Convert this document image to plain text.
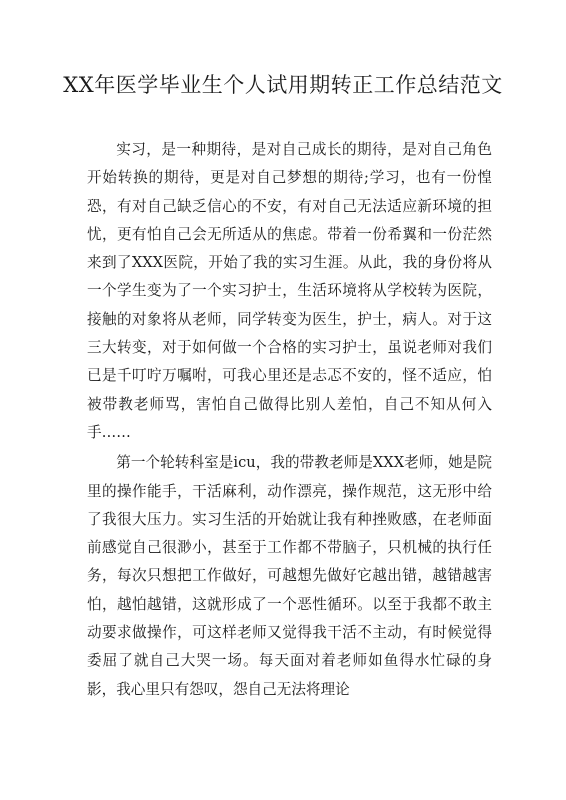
XX年医学毕业生个人试用期转正工作总结范文

实习，是一种期待，是对自己成长的期待，是对自己角色开始转换的期待，更是对自己梦想的期待;学习，也有一份惶恐，有对自己缺乏信心的不安，有对自己无法适应新环境的担忧，更有怕自己会无所适从的焦虑。带着一份希翼和一份茫然来到了XXX医院，开始了我的实习生涯。从此，我的身份将从一个学生变为了一个实习护士，生活环境将从学校转为医院，接触的对象将从老师，同学转变为医生，护士，病人。对于这三大转变，对于如何做一个合格的实习护士，虽说老师对我们已是千叮咛万嘱咐，可我心里还是忐忑不安的，怪不适应，怕被带教老师骂，害怕自己做得比别人差怕，自己不知从何入手……

第一个轮转科室是icu，我的带教老师是XXX老师，她是院里的操作能手，干活麻利，动作漂亮，操作规范，这无形中给了我很大压力。实习生活的开始就让我有种挫败感，在老师面前感觉自己很渺小，甚至于工作都不带脑子，只机械的执行任务，每次只想把工作做好，可越想先做好它越出错，越错越害怕，越怕越错，这就形成了一个恶性循环。以至于我都不敢主动要求做操作，可这样老师又觉得我干活不主动，有时候觉得委屈了就自己大哭一场。每天面对着老师如鱼得水忙碌的身影，我心里只有怨叹，怨自己无法将理论
